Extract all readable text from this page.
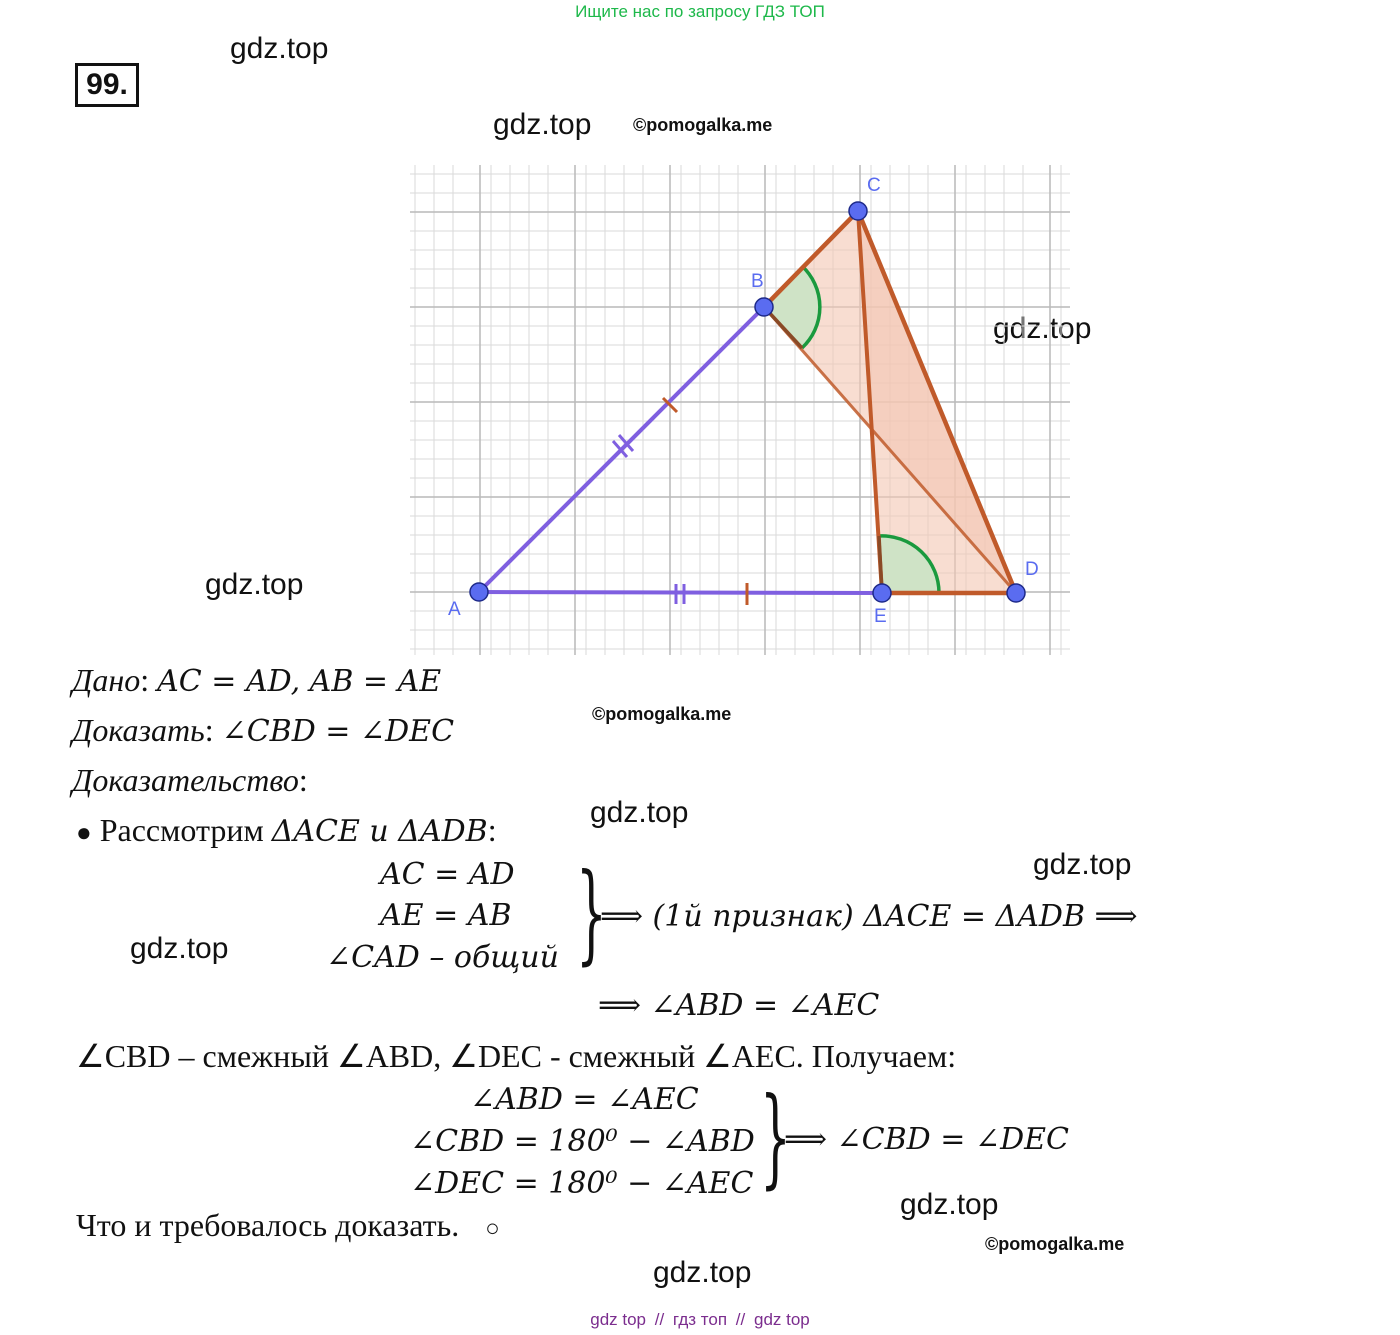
Ищите нас по запросу ГДЗ ТОП
99.
gdz.top
gdz.top ©pomogalka.me
gdz.top
gdz.top
A
B
C
D
E
Дано: AC = AD, AB = AE
©pomogalka.me
Доказать: ∠CBD = ∠DEC
Доказательство:
gdz.top
● Рассмотрим ΔACE и ΔADB:
gdz.top
AC = AD
AE = AB
∠CAD – общий }
⟹ (1й признак) ΔACE = ΔADB ⟹
gdz.top
⟹ ∠ABD = ∠AEC
∠CBD – смежный ∠ABD, ∠DEC - смежный ∠AEC. Получаем:
∠ABD = ∠AEC
∠CBD = 180⁰ − ∠ABD
∠DEC = 180⁰ − ∠AEC }
⟹ ∠CBD = ∠DEC
gdz.top
Что и требовалось доказать. ○
©pomogalka.me
gdz.top
gdz top // гдз топ // gdz top
